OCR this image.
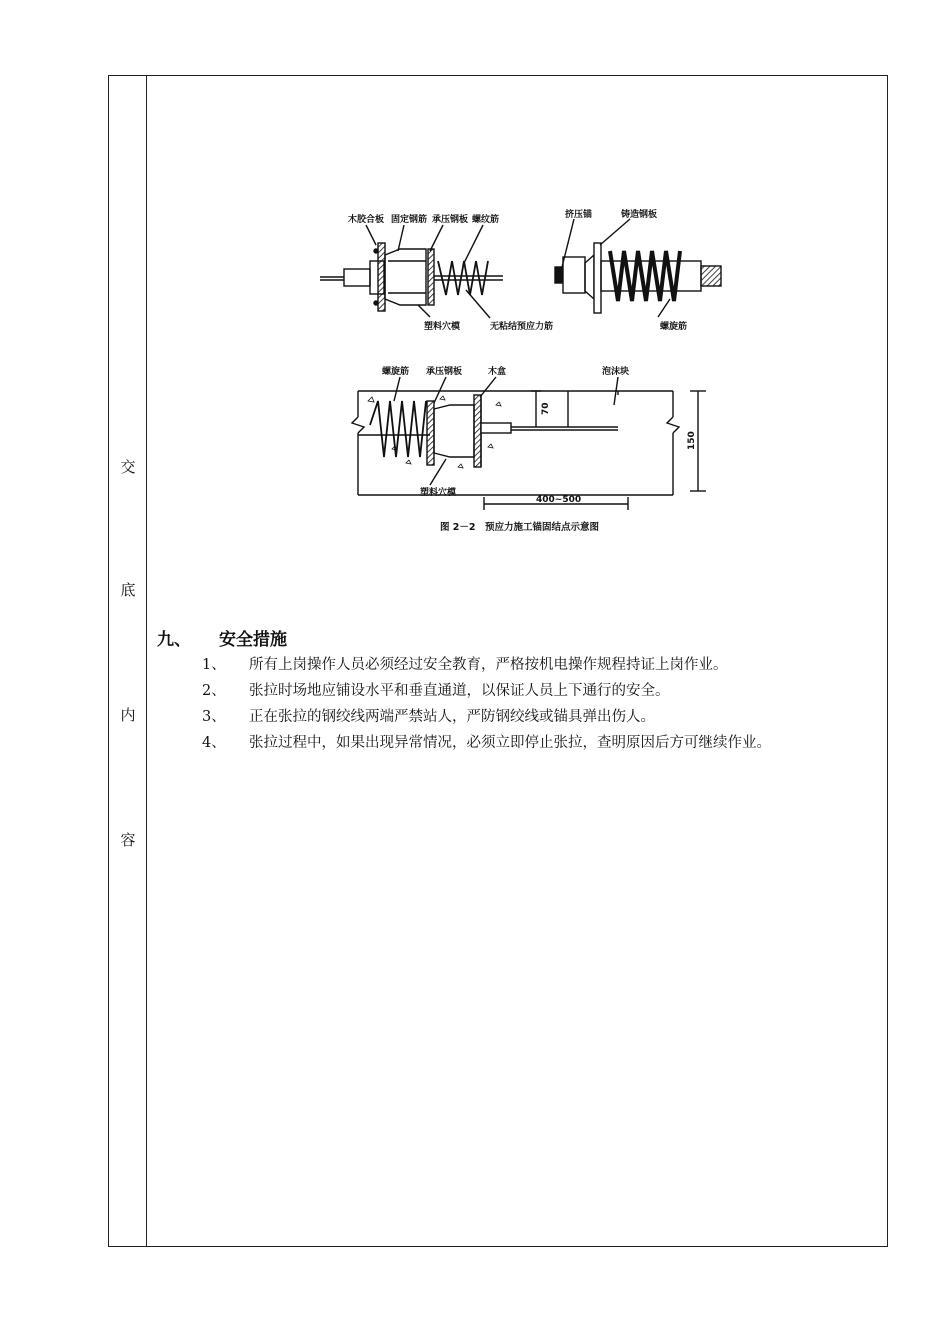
交
底
内
容
木胶合板 固定钢筋 承压钢板 螺纹筋
塑料穴模	无粘结预应力筋
挤压锚	铸造钢板
螺旋筋
螺旋筋 承压钢板	木盒	泡沫块
塑料穴模
70
150
400~500
图 2－2　预应力施工锚固结点示意图
九、 安全措施
1、 所有上岗操作人员必须经过安全教育，严格按机电操作规程持证上岗作业。
2、 张拉时场地应铺设水平和垂直通道，以保证人员上下通行的安全。
3、 正在张拉的钢绞线两端严禁站人，严防钢绞线或锚具弹出伤人。
4、 张拉过程中，如果出现异常情况，必须立即停止张拉，查明原因后方可继续作业。
